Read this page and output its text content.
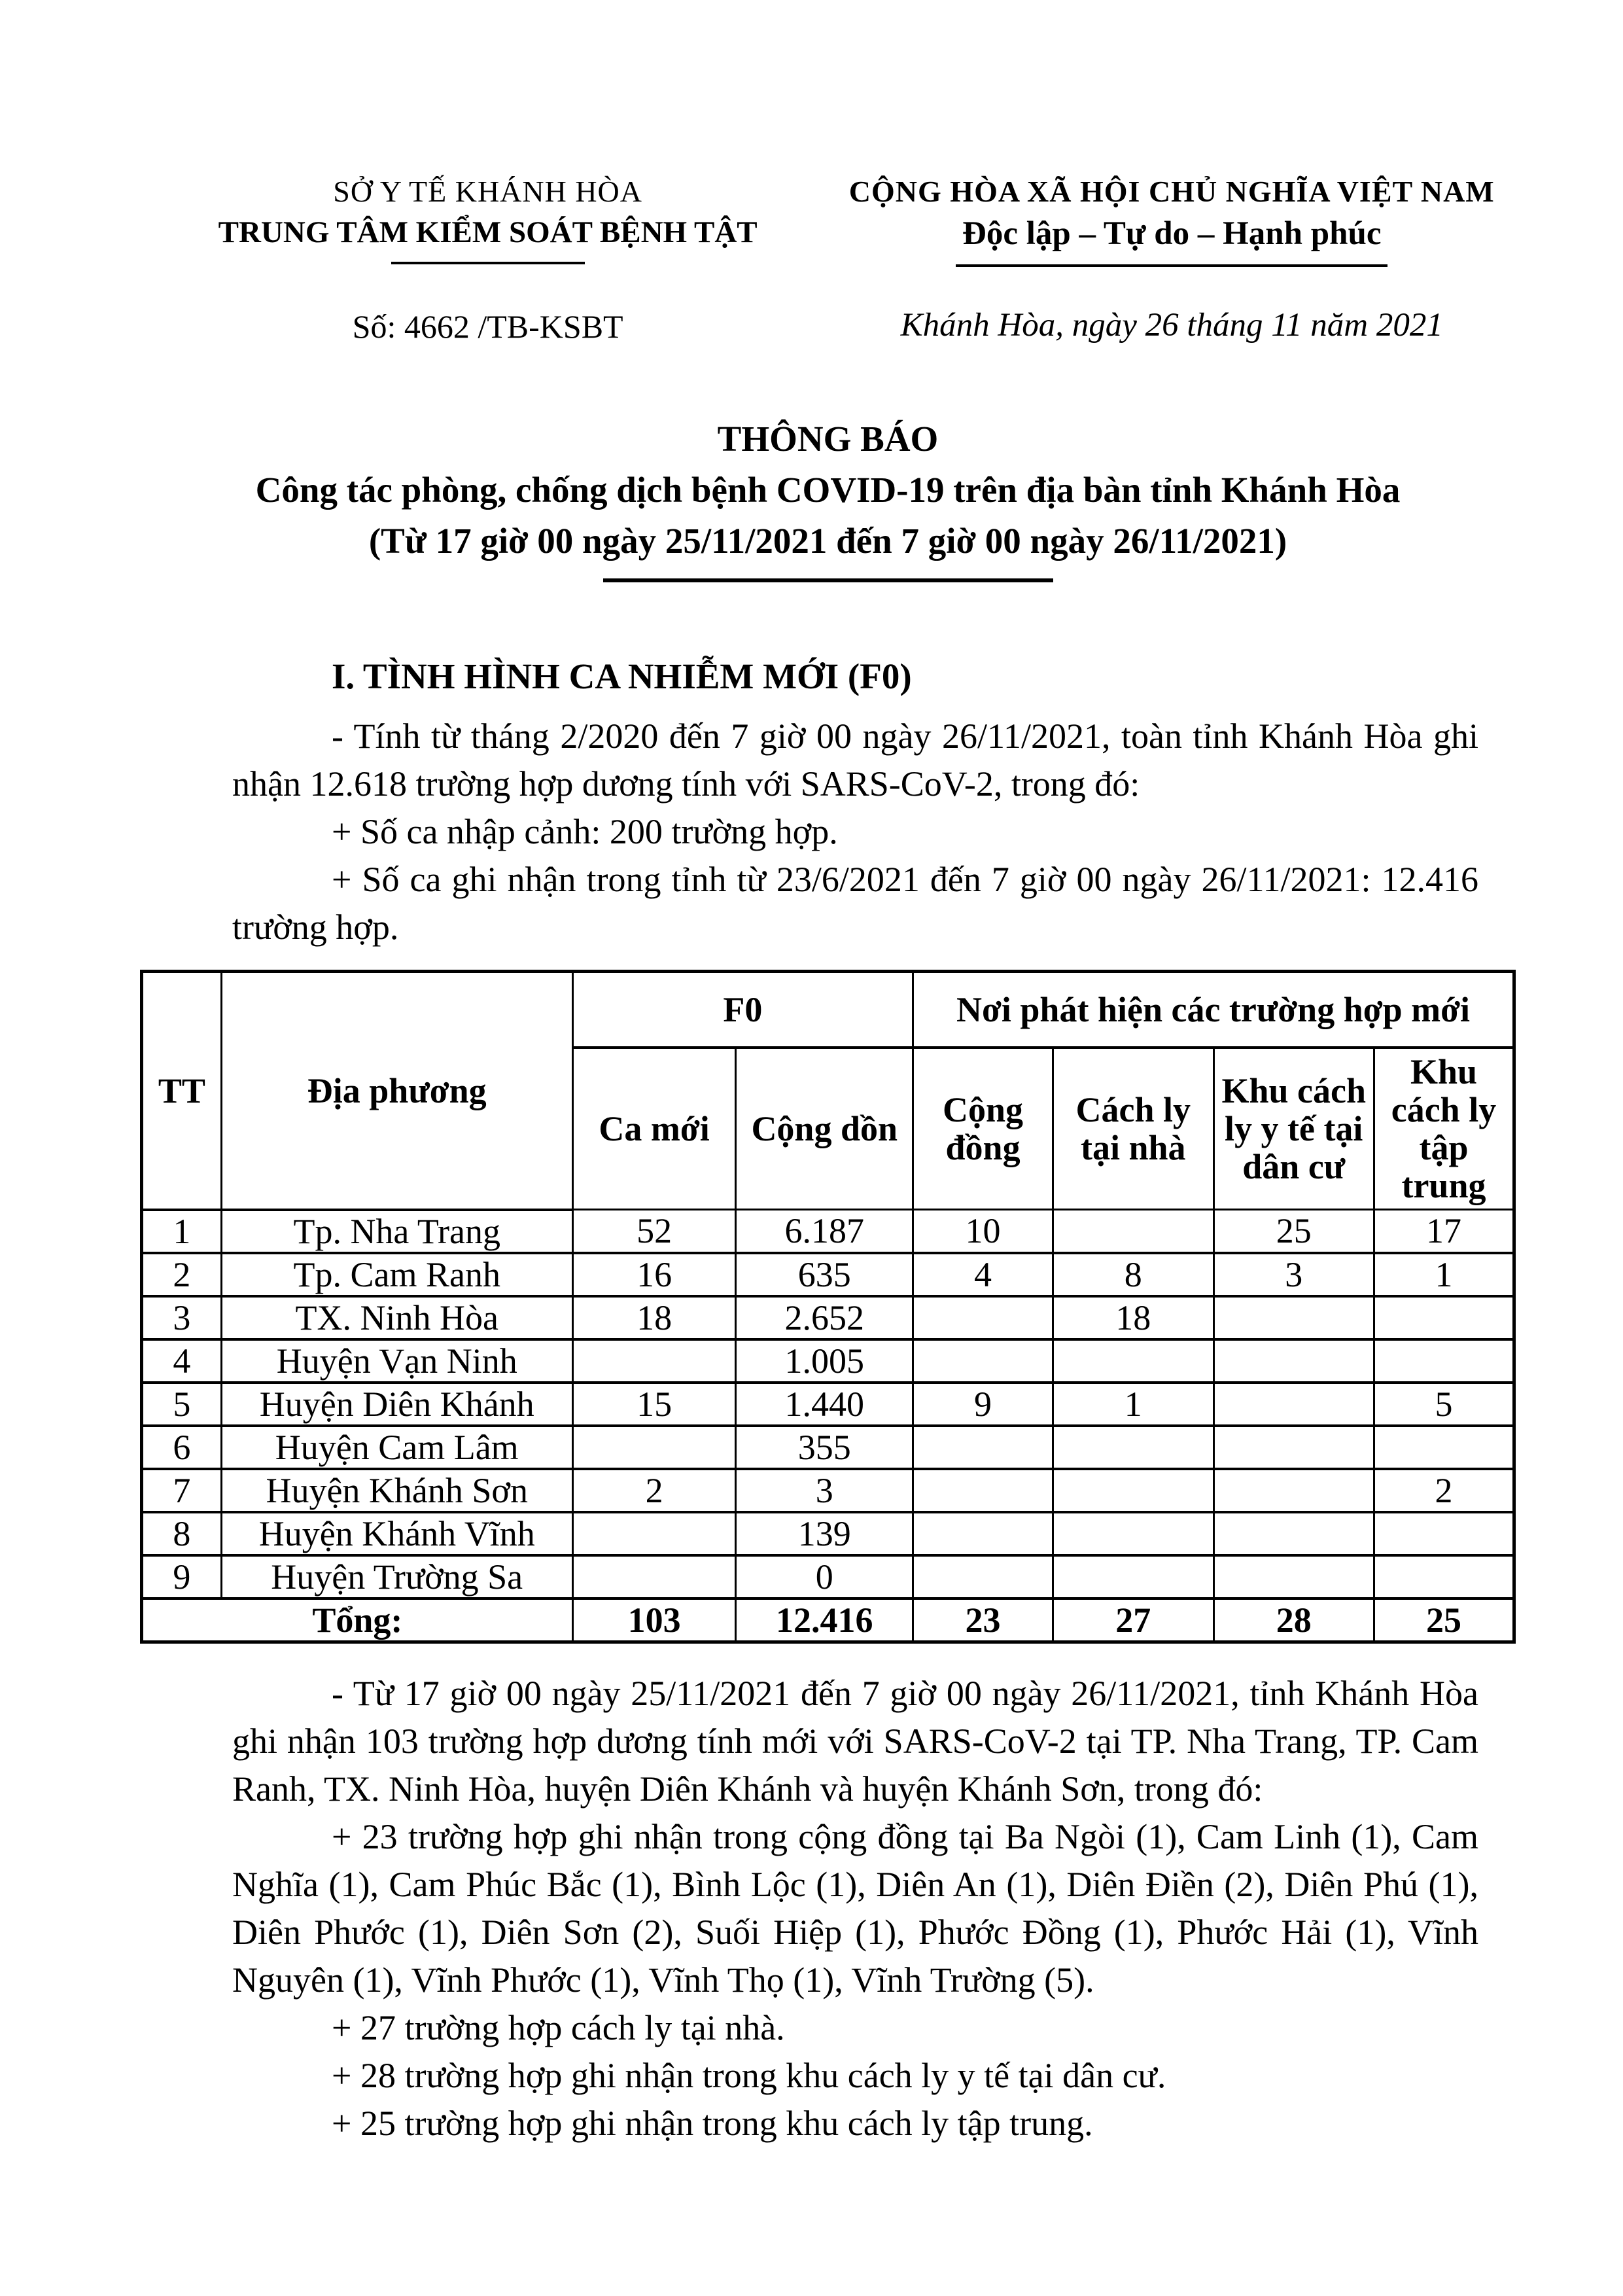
SỞ Y TẾ KHÁNH HÒA
TRUNG TÂM KIỂM SOÁT BỆNH TẬT
Số: 4662 /TB-KSBT
CỘNG HÒA XÃ HỘI CHỦ NGHĨA VIỆT NAM
Độc lập – Tự do – Hạnh phúc
Khánh Hòa, ngày 26 tháng 11 năm 2021
THÔNG BÁO
Công tác phòng, chống dịch bệnh COVID-19 trên địa bàn tỉnh Khánh Hòa
(Từ 17 giờ 00 ngày 25/11/2021 đến 7 giờ 00 ngày 26/11/2021)
I. TÌNH HÌNH CA NHIỄM MỚI (F0)

- Tính từ tháng 2/2020 đến 7 giờ 00 ngày 26/11/2021, toàn tỉnh Khánh Hòa ghi nhận 12.618 trường hợp dương tính với SARS-CoV-2, trong đó:

+ Số ca nhập cảnh: 200 trường hợp.

+ Số ca ghi nhận trong tỉnh từ 23/6/2021 đến 7 giờ 00 ngày 26/11/2021: 12.416 trường hợp.

TT	Địa phương	F0		Nơi phát hiện các trường hợp mới			
		Ca mới	Cộng dồn	Cộng đồng	Cách ly tại nhà	Khu cách ly y tế tại dân cư	Khu cách ly tập trung
1	Tp. Nha Trang	52	6.187	10		25	17
2	Tp. Cam Ranh	16	635	4	8	3	1
3	TX. Ninh Hòa	18	2.652		18		
4	Huyện Vạn Ninh		1.005				
5	Huyện Diên Khánh	15	1.440	9	1		5
6	Huyện Cam Lâm		355				
7	Huyện Khánh Sơn	2	3				2
8	Huyện Khánh Vĩnh		139				
9	Huyện Trường Sa		0				
Tổng:		103	12.416	23	27	28	25

- Từ 17 giờ 00 ngày 25/11/2021 đến 7 giờ 00 ngày 26/11/2021, tỉnh Khánh Hòa ghi nhận 103 trường hợp dương tính mới với SARS-CoV-2 tại TP. Nha Trang, TP. Cam Ranh, TX. Ninh Hòa, huyện Diên Khánh và huyện Khánh Sơn, trong đó:

+ 23 trường hợp ghi nhận trong cộng đồng tại Ba Ngòi (1), Cam Linh (1), Cam Nghĩa (1), Cam Phúc Bắc (1), Bình Lộc (1), Diên An (1), Diên Điền (2), Diên Phú (1), Diên Phước (1), Diên Sơn (2), Suối Hiệp (1), Phước Đồng (1), Phước Hải (1), Vĩnh Nguyên (1), Vĩnh Phước (1), Vĩnh Thọ (1), Vĩnh Trường (5).

+ 27 trường hợp cách ly tại nhà.

+ 28 trường hợp ghi nhận trong khu cách ly y tế tại dân cư.

+ 25 trường hợp ghi nhận trong khu cách ly tập trung.
